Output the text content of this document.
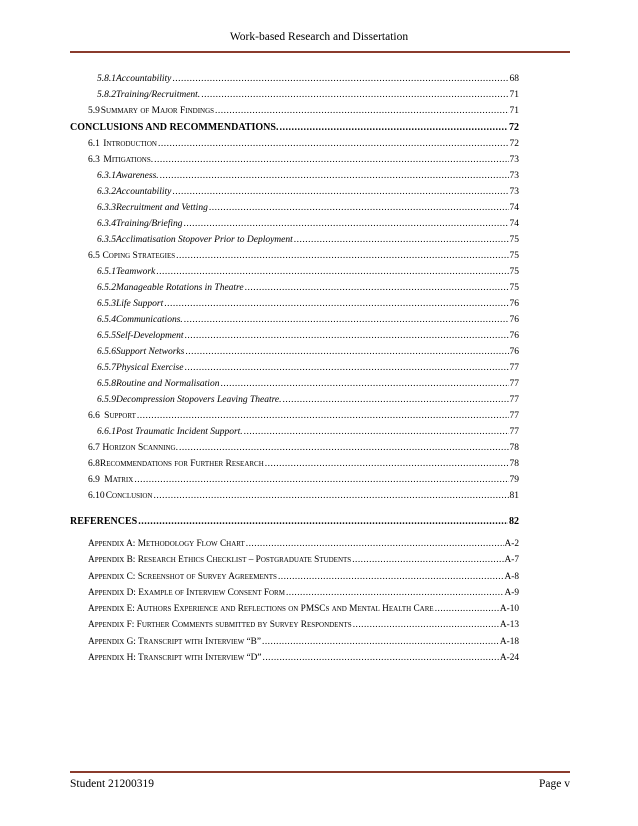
Work-based Research and Dissertation
5.8.1 Accountability .....	68
5.8.2 Training/Recruitment. .....	71
5.9 Summary of Major Findings .....	71
CONCLUSIONS AND RECOMMENDATIONS. .....	72
6.1 Introduction .....	72
6.3 Mitigations. .....	73
6.3.1 Awareness. .....	73
6.3.2 Accountability .....	73
6.3.3 Recruitment and Vetting .....	74
6.3.4 Training/Briefing .....	74
6.3.5 Acclimatisation Stopover Prior to Deployment .....	75
6.5 Coping Strategies .....	75
6.5.1 Teamwork .....	75
6.5.2 Manageable Rotations in Theatre .....	75
6.5.3 Life Support .....	76
6.5.4 Communications. .....	76
6.5.5 Self-Development .....	76
6.5.6 Support Networks .....	76
6.5.7 Physical Exercise .....	77
6.5.8 Routine and Normalisation .....	77
6.5.9 Decompression Stopovers Leaving Theatre. .....	77
6.6 Support .....	77
6.6.1 Post Traumatic Incident Support. .....	77
6.7 Horizon Scanning. .....	78
6.8 Recommendations for Further Research .....	78
6.9 Matrix .....	79
6.10 Conclusion .....	81
REFERENCES .....	82
Appendix A: Methodology Flow Chart .....	A-2
Appendix B: Research Ethics Checklist – Postgraduate Students .....	A-7
Appendix C: Screenshot of Survey Agreements .....	A-8
Appendix D: Example of Interview Consent Form .....	A-9
Appendix E: Authors Experience and Reflections on PMSCs and Mental Health Care .....	A-10
Appendix F: Further Comments submitted by Survey Respondents .....	A-13
Appendix G: Transcript with Interview “B” .....	A-18
Appendix H: Transcript with Interview “D” .....	A-24
Student 21200319	Page v
